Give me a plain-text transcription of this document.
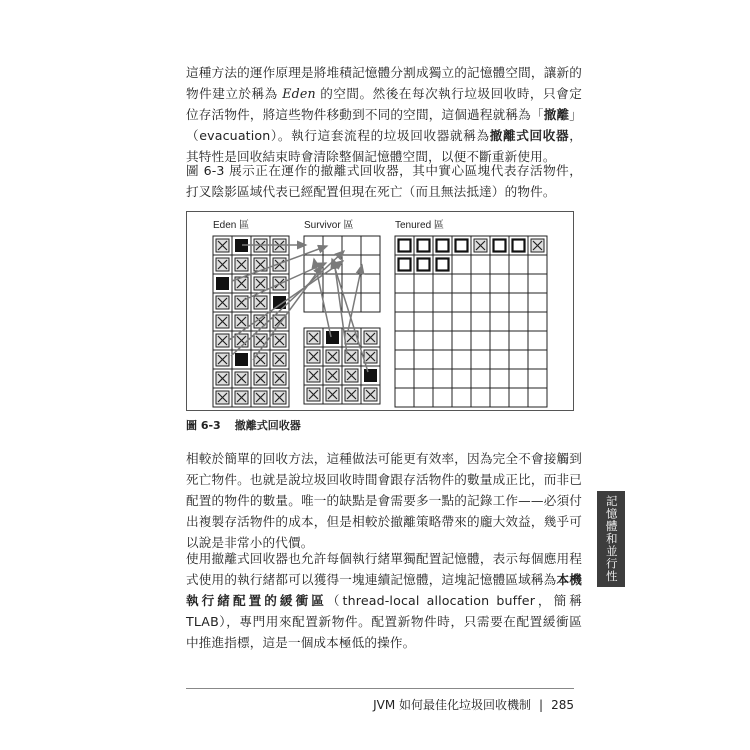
這種方法的運作原理是將堆積記憶體分割成獨立的記憶體空間，讓新的物件建立於稱為 Eden 的空間。然後在每次執行垃圾回收時，只會定位存活物件，將這些物件移動到不同的空間，這個過程就稱為「撤離」（evacuation）。執行這套流程的垃圾回收器就稱為撤離式回收器，其特性是回收結束時會清除整個記憶體空間，以便不斷重新使用。

圖 6-3 展示正在運作的撤離式回收器，其中實心區塊代表存活物件，打叉陰影區域代表已經配置但現在死亡（而且無法抵達）的物件。

Eden 區	Survivor 區	Tenured 區
圖 6-3 撤離式回收器

相較於簡單的回收方法，這種做法可能更有效率，因為完全不會接觸到死亡物件。也就是說垃圾回收時間會跟存活物件的數量成正比，而非已配置的物件的數量。唯一的缺點是會需要多一點的記錄工作——必須付出複製存活物件的成本，但是相較於撤離策略帶來的龐大效益，幾乎可以說是非常小的代價。

使用撤離式回收器也允許每個執行緒單獨配置記憶體，表示每個應用程式使用的執行緒都可以獲得一塊連續記憶體，這塊記憶體區域稱為本機執行緒配置的緩衝區（thread-local allocation buffer，簡稱 TLAB），專門用來配置新物件。配置新物件時，只需要在配置緩衝區中推進指標，這是一個成本極低的操作。

記憶體和並行性
JVM 如何最佳化垃圾回收機制 | 285
